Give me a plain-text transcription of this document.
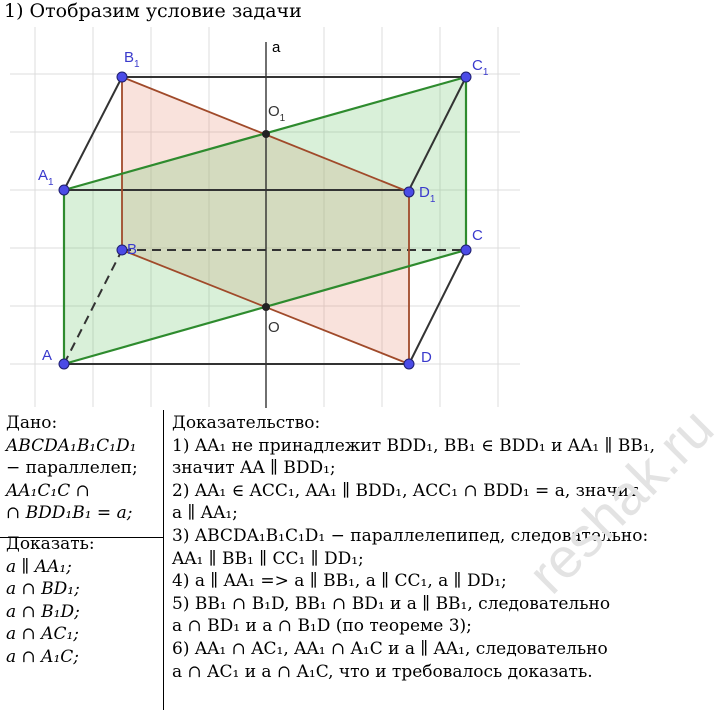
1) Отобразим условие задачи
a
$B_1$	$C_1$
$O_1$
$A_1$
$D_1$
B
C
O
A	D
Дано:
ABCDA₁B₁C₁D₁
− параллелеп;
AA₁C₁C ∩
∩ BDD₁B₁ = a;
Доказать:
a ∥ AA₁;
a ∩ BD₁;
a ∩ B₁D;
a ∩ AC₁;
a ∩ A₁C;
Доказательство:
1) AA₁ не принадлежит BDD₁, BB₁ ∈ BDD₁ и AA₁ ∥ BB₁,
значит AA ∥ BDD₁;
2) AA₁ ∈ ACC₁, AA₁ ∥ BDD₁, ACC₁ ∩ BDD₁ = a, значит
a ∥ AA₁;
3) ABCDA₁B₁C₁D₁ − параллелепипед, следовательно:
AA₁ ∥ BB₁ ∥ CC₁ ∥ DD₁;
4) a ∥ AA₁ => a ∥ BB₁, a ∥ CC₁, a ∥ DD₁;
5) BB₁ ∩ B₁D, BB₁ ∩ BD₁ и a ∥ BB₁, следовательно
a ∩ BD₁ и a ∩ B₁D (по теореме 3);
6) AA₁ ∩ AC₁, AA₁ ∩ A₁C и a ∥ AA₁, следовательно
a ∩ AC₁ и a ∩ A₁C, что и требовалось доказать.
reshak.ru
